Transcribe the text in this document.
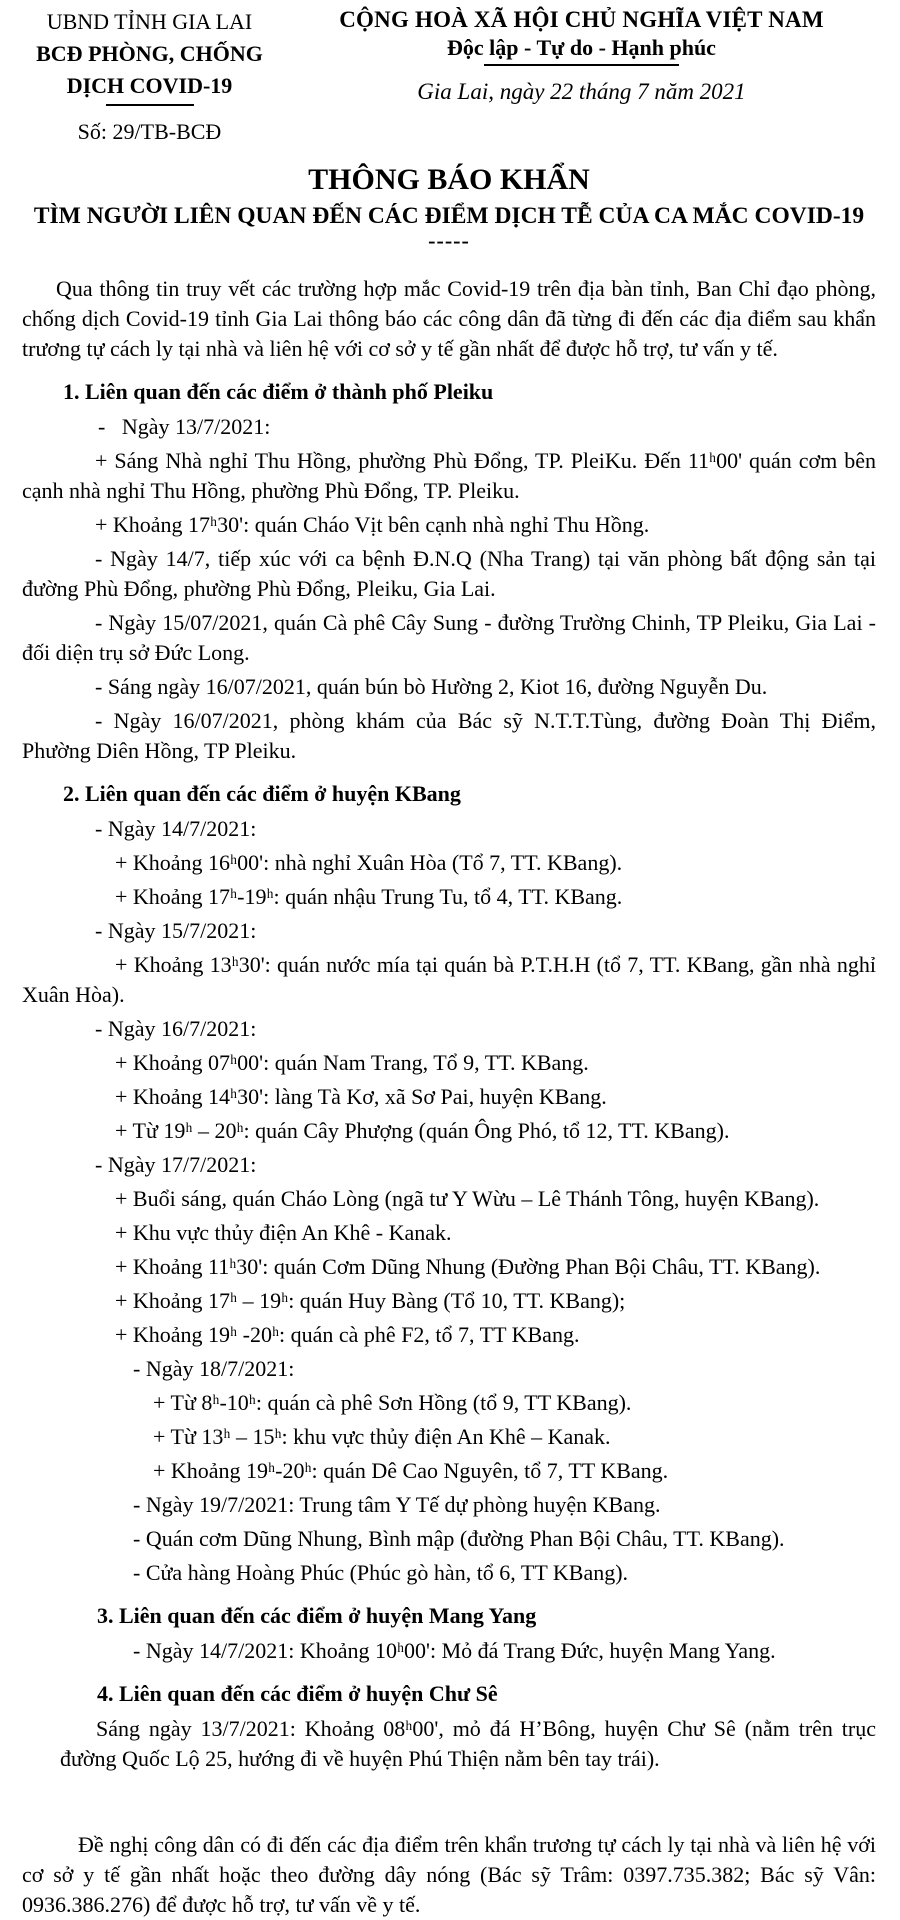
UBND TỈNH GIA LAI
BCĐ PHÒNG, CHỐNG
DỊCH COVID-19
Số: 29/TB-BCĐ
CỘNG HOÀ XÃ HỘI CHỦ NGHĨA VIỆT NAM
Độc lập - Tự do - Hạnh phúc
Gia Lai, ngày 22 tháng 7 năm 2021

THÔNG BÁO KHẨN

TÌM NGƯỜI LIÊN QUAN ĐẾN CÁC ĐIỂM DỊCH TỄ CỦA CA MẮC COVID-19

-----

Qua thông tin truy vết các trường hợp mắc Covid-19 trên địa bàn tỉnh, Ban Chỉ đạo phòng, chống dịch Covid-19 tỉnh Gia Lai thông báo các công dân đã từng đi đến các địa điểm sau khẩn trương tự cách ly tại nhà và liên hệ với cơ sở y tế gần nhất để được hỗ trợ, tư vấn y tế.

1. Liên quan đến các điểm ở thành phố Pleiku

-   Ngày 13/7/2021:

+ Sáng Nhà nghỉ Thu Hồng, phường Phù Đổng, TP. PleiKu. Đến 11ʰ00' quán cơm bên cạnh nhà nghỉ Thu Hồng, phường Phù Đổng, TP. Pleiku.

+ Khoảng 17ʰ30': quán Cháo Vịt bên cạnh nhà nghỉ Thu Hồng.

- Ngày 14/7, tiếp xúc với ca bệnh Đ.N.Q (Nha Trang) tại văn phòng bất động sản tại đường Phù Đổng, phường Phù Đổng, Pleiku, Gia Lai.

- Ngày 15/07/2021, quán Cà phê Cây Sung - đường Trường Chinh, TP Pleiku, Gia Lai - đối diện trụ sở Đức Long.

- Sáng ngày 16/07/2021, quán bún bò Hường 2, Kiot 16, đường Nguyễn Du.

- Ngày 16/07/2021, phòng khám của Bác sỹ N.T.T.Tùng, đường Đoàn Thị Điểm, Phường Diên Hồng, TP Pleiku.

2. Liên quan đến các điểm ở huyện KBang

- Ngày 14/7/2021:

+ Khoảng 16ʰ00': nhà nghỉ Xuân Hòa (Tổ 7, TT. KBang).

+ Khoảng 17ʰ-19ʰ: quán nhậu Trung Tu, tổ 4, TT. KBang.

- Ngày 15/7/2021:

+ Khoảng 13ʰ30': quán nước mía tại quán bà P.T.H.H (tổ 7, TT. KBang, gần nhà nghỉ Xuân Hòa).

- Ngày 16/7/2021:

+ Khoảng 07ʰ00': quán Nam Trang, Tổ 9, TT. KBang.

+ Khoảng 14ʰ30': làng Tà Kơ, xã Sơ Pai, huyện KBang.

+ Từ 19ʰ – 20ʰ: quán Cây Phượng (quán Ông Phó, tổ 12, TT. KBang).

- Ngày 17/7/2021:

+ Buổi sáng, quán Cháo Lòng (ngã tư Y Wừu – Lê Thánh Tông, huyện KBang).

+ Khu vực thủy điện An Khê - Kanak.

+ Khoảng 11ʰ30': quán Cơm Dũng Nhung (Đường Phan Bội Châu, TT. KBang).

+ Khoảng 17ʰ – 19ʰ: quán Huy Bàng (Tổ 10, TT. KBang);

+ Khoảng 19ʰ -20ʰ: quán cà phê F2, tổ 7, TT KBang.

- Ngày 18/7/2021:

+ Từ 8ʰ-10ʰ: quán cà phê Sơn Hồng (tổ 9, TT KBang).

+ Từ 13ʰ – 15ʰ: khu vực thủy điện An Khê – Kanak.

+ Khoảng 19ʰ-20ʰ: quán Dê Cao Nguyên, tổ 7, TT KBang.

- Ngày 19/7/2021: Trung tâm Y Tế dự phòng huyện KBang.

- Quán cơm Dũng Nhung, Bình mập (đường Phan Bội Châu, TT. KBang).

- Cửa hàng Hoàng Phúc (Phúc gò hàn, tổ 6, TT KBang).

3. Liên quan đến các điểm ở huyện Mang Yang

- Ngày 14/7/2021: Khoảng 10ʰ00': Mỏ đá Trang Đức, huyện Mang Yang.

4. Liên quan đến các điểm ở huyện Chư Sê

Sáng ngày 13/7/2021: Khoảng 08ʰ00', mỏ đá H’Bông, huyện Chư Sê (nằm trên trục đường Quốc Lộ 25, hướng đi về huyện Phú Thiện nằm bên tay trái).

Đề nghị công dân có đi đến các địa điểm trên khẩn trương tự cách ly tại nhà và liên hệ với cơ sở y tế gần nhất hoặc theo đường dây nóng (Bác sỹ Trâm: 0397.735.382; Bác sỹ Vân: 0936.386.276) để được hỗ trợ, tư vấn về y tế.
